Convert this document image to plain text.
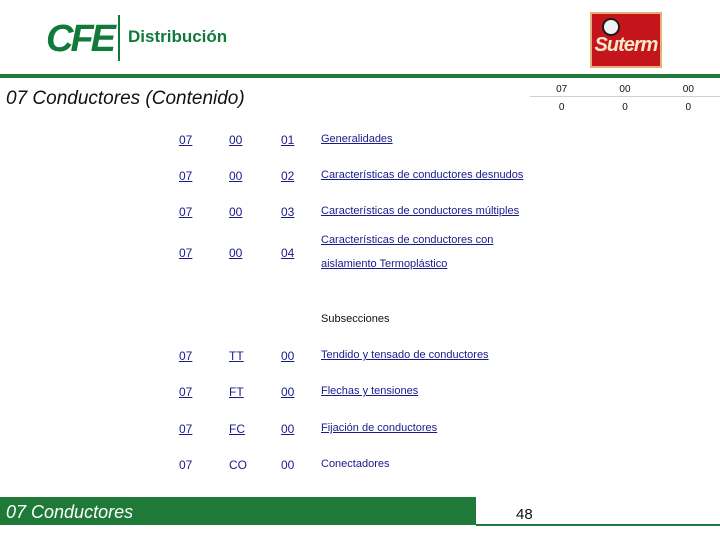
CFE Distribución	Suterm
07 Conductores (Contenido)	07	00	00
0	0	0
07	00	01 Generalidades
07	00	02 Características de conductores desnudos
07	00	03 Características de conductores múltiples
07	00	04
Características de conductores con
aislamiento Termoplástico
Subsecciones
07	TT	00 Tendido y tensado de conductores
07	FT	00 Flechas y tensiones
07	FC	00 Fijación de conductores
07	CO	00 Conectadores
07 Conductores	48
